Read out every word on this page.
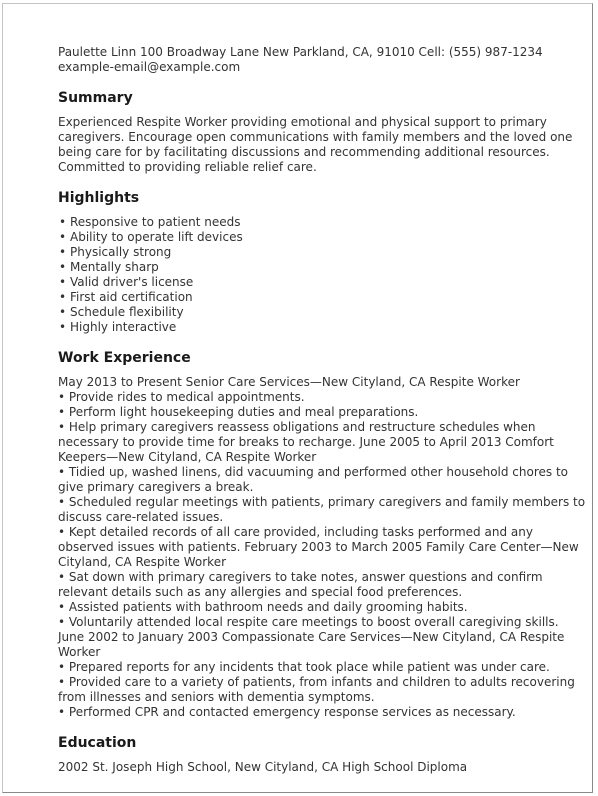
Paulette Linn 100 Broadway Lane New Parkland, CA, 91010 Cell: (555) 987-1234 example-email@example.com

Summary

Experienced Respite Worker providing emotional and physical support to primary caregivers. Encourage open communications with family members and the loved one being care for by facilitating discussions and recommending additional resources. Committed to providing reliable relief care.

Highlights
• Responsive to patient needs
• Ability to operate lift devices
• Physically strong
• Mentally sharp
• Valid driver's license
• First aid certification
• Schedule flexibility
• Highly interactive
Work Experience

May 2013 to Present Senior Care Services—New Cityland, CA Respite Worker
• Provide rides to medical appointments.
• Perform light housekeeping duties and meal preparations.
• Help primary caregivers reassess obligations and restructure schedules when necessary to provide time for breaks to recharge. June 2005 to April 2013 Comfort Keepers—New Cityland, CA Respite Worker
• Tidied up, washed linens, did vacuuming and performed other household chores to give primary caregivers a break.
• Scheduled regular meetings with patients, primary caregivers and family members to discuss care-related issues.
• Kept detailed records of all care provided, including tasks performed and any observed issues with patients. February 2003 to March 2005 Family Care Center—New Cityland, CA Respite Worker
• Sat down with primary caregivers to take notes, answer questions and confirm relevant details such as any allergies and special food preferences.
• Assisted patients with bathroom needs and daily grooming habits.
• Voluntarily attended local respite care meetings to boost overall caregiving skills. June 2002 to January 2003 Compassionate Care Services—New Cityland, CA Respite Worker
• Prepared reports for any incidents that took place while patient was under care.
• Provided care to a variety of patients, from infants and children to adults recovering from illnesses and seniors with dementia symptoms.
• Performed CPR and contacted emergency response services as necessary.

Education

2002 St. Joseph High School, New Cityland, CA High School Diploma
